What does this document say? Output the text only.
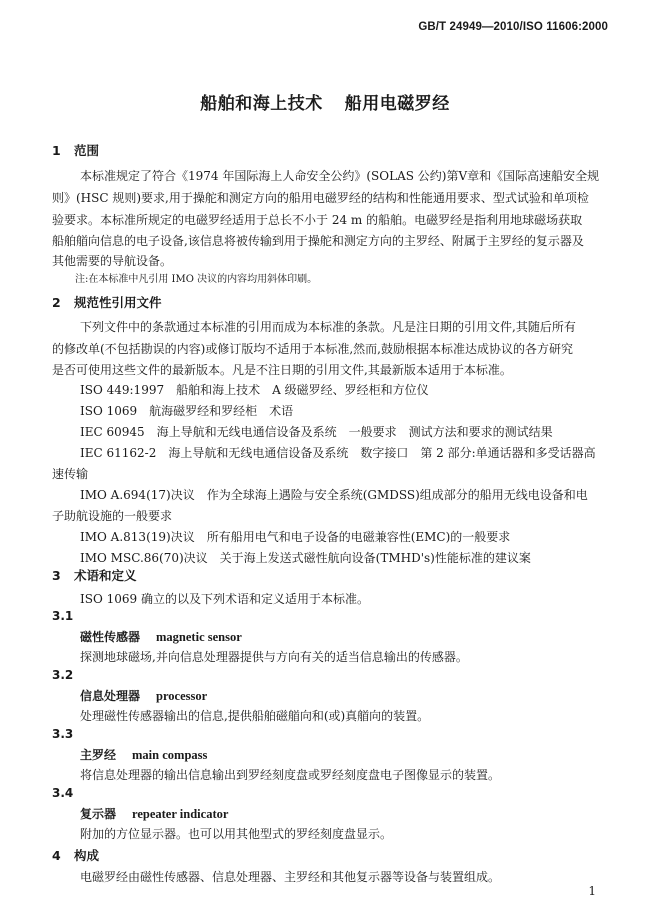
GB/T 24949—2010/ISO 11606:2000
船舶和海上技术 船用电磁罗经
1 范围
本标准规定了符合《1974 年国际海上人命安全公约》(SOLAS 公约)第Ⅴ章和《国际高速船安全规
则》(HSC 规则)要求,用于操舵和测定方向的船用电磁罗经的结构和性能通用要求、型式试验和单项检
验要求。本标准所规定的电磁罗经适用于总长不小于 24 m 的船舶。电磁罗经是指利用地球磁场获取
船舶艏向信息的电子设备,该信息将被传输到用于操舵和测定方向的主罗经、附属于主罗经的复示器及
其他需要的导航设备。
注:在本标准中凡引用 IMO 决议的内容均用斜体印刷。
2 规范性引用文件
下列文件中的条款通过本标准的引用而成为本标准的条款。凡是注日期的引用文件,其随后所有
的修改单(不包括勘误的内容)或修订版均不适用于本标准,然而,鼓励根据本标准达成协议的各方研究
是否可使用这些文件的最新版本。凡是不注日期的引用文件,其最新版本适用于本标准。
ISO 449:1997　船舶和海上技术　A 级磁罗经、罗经柜和方位仪
ISO 1069　航海磁罗经和罗经柜　术语
IEC 60945　海上导航和无线电通信设备及系统　一般要求　测试方法和要求的测试结果
IEC 61162-2　海上导航和无线电通信设备及系统　数字接口　第 2 部分:单通话器和多受话器高
速传输
IMO A.694(17)决议　作为全球海上遇险与安全系统(GMDSS)组成部分的船用无线电设备和电
子助航设施的一般要求
IMO A.813(19)决议　所有船用电气和电子设备的电磁兼容性(EMC)的一般要求
IMO MSC.86(70)决议　关于海上发送式磁性航向设备(TMHD's)性能标准的建议案
3 术语和定义
ISO 1069 确立的以及下列术语和定义适用于本标准。
3.1
磁性传感器 magnetic sensor
探测地球磁场,并向信息处理器提供与方向有关的适当信息输出的传感器。
3.2
信息处理器 processor
处理磁性传感器输出的信息,提供船舶磁艏向和(或)真艏向的装置。
3.3
主罗经 main compass
将信息处理器的输出信息输出到罗经刻度盘或罗经刻度盘电子图像显示的装置。
3.4
复示器 repeater indicator
附加的方位显示器。也可以用其他型式的罗经刻度盘显示。
1
4 构成
电磁罗经由磁性传感器、信息处理器、主罗经和其他复示器等设备与装置组成。
